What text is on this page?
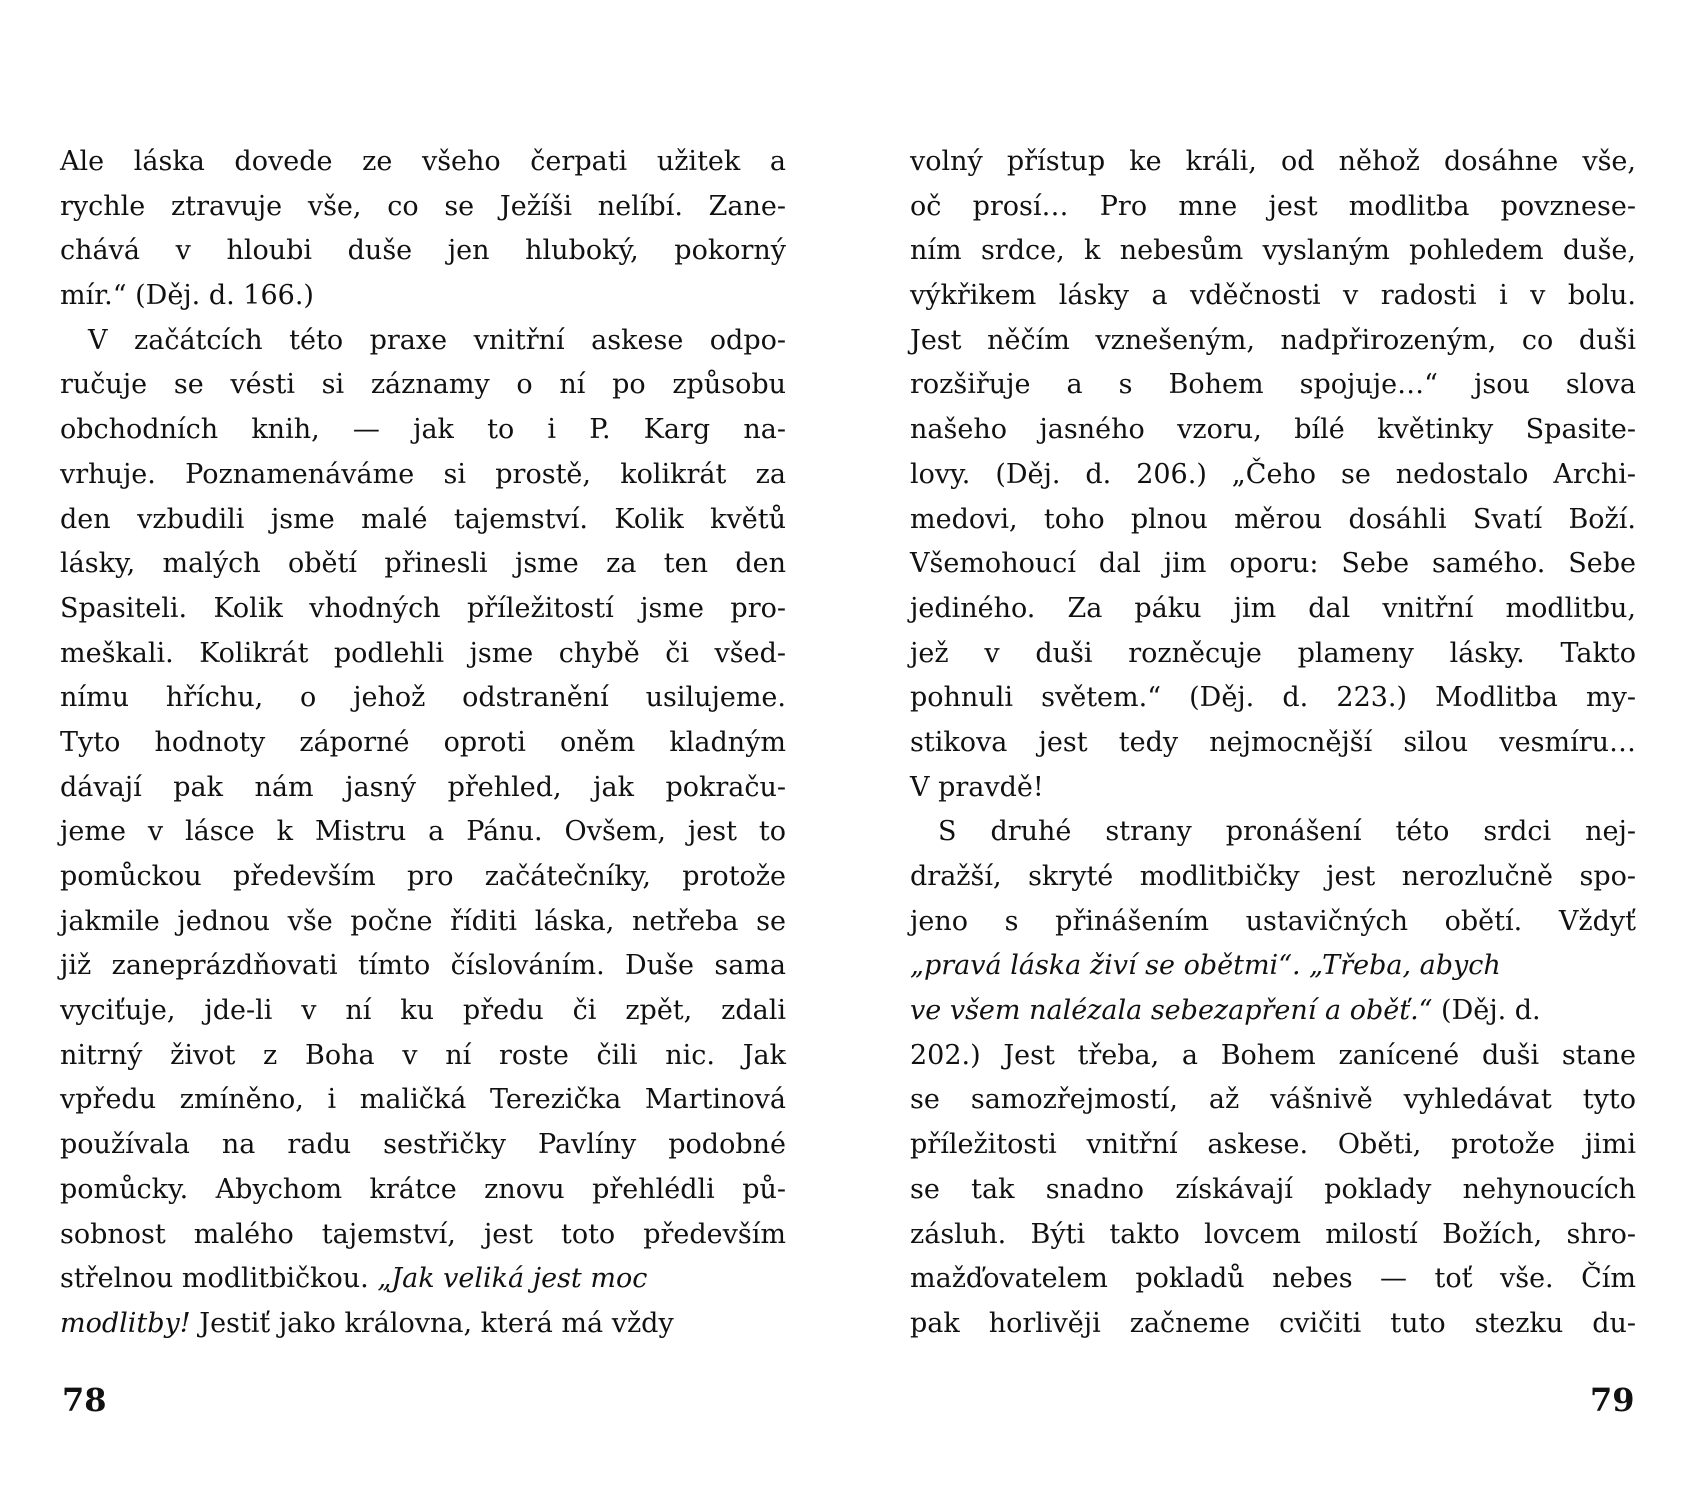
Ale láska dovede ze všeho čerpati užitek a
rychle ztravuje vše, co se Ježíši nelíbí. Zane-
chává v hloubi duše jen hluboký, pokorný
mír.“ (Děj. d. 166.)
V začátcích této praxe vnitřní askese odpo-
ručuje se vésti si záznamy o ní po způsobu
obchodních knih, — jak to i P. Karg na-
vrhuje. Poznamenáváme si prostě, kolikrát za
den vzbudili jsme malé tajemství. Kolik květů
lásky, malých obětí přinesli jsme za ten den
Spasiteli. Kolik vhodných příležitostí jsme pro-
meškali. Kolikrát podlehli jsme chybě či všed-
nímu hříchu, o jehož odstranění usilujeme.
Tyto hodnoty záporné oproti oněm kladným
dávají pak nám jasný přehled, jak pokraču-
jeme v lásce k Mistru a Pánu. Ovšem, jest to
pomůckou především pro začátečníky, protože
jakmile jednou vše počne říditi láska, netřeba se
již zaneprázdňovati tímto číslováním. Duše sama
vyciťuje, jde-li v ní ku předu či zpět, zdali
nitrný život z Boha v ní roste čili nic. Jak
vpředu zmíněno, i maličká Terezička Martinová
používala na radu sestřičky Pavlíny podobné
pomůcky. Abychom krátce znovu přehlédli pů-
sobnost malého tajemství, jest toto především
střelnou modlitbičkou. „Jak veliká jest moc
modlitby! Jestiť jako královna, která má vždy
78
volný přístup ke králi, od něhož dosáhne vše,
oč prosí… Pro mne jest modlitba povznese-
ním srdce, k nebesům vyslaným pohledem duše,
výkřikem lásky a vděčnosti v radosti i v bolu.
Jest něčím vznešeným, nadpřirozeným, co duši
rozšiřuje a s Bohem spojuje…“ jsou slova
našeho jasného vzoru, bílé květinky Spasite-
lovy. (Děj. d. 206.) „Čeho se nedostalo Archi-
medovi, toho plnou měrou dosáhli Svatí Boží.
Všemohoucí dal jim oporu: Sebe samého. Sebe
jediného. Za páku jim dal vnitřní modlitbu,
jež v duši rozněcuje plameny lásky. Takto
pohnuli světem.“ (Děj. d. 223.) Modlitba my-
stikova jest tedy nejmocnější silou vesmíru…
V pravdě!
S druhé strany pronášení této srdci nej-
dražší, skryté modlitbičky jest nerozlučně spo-
jeno s přinášením ustavičných obětí. Vždyť
„pravá láska živí se obětmi“. „Třeba, abych
ve všem nalézala sebezapření a oběť.“ (Děj. d.
202.) Jest třeba, a Bohem zanícené duši stane
se samozřejmostí, až vášnivě vyhledávat tyto
příležitosti vnitřní askese. Oběti, protože jimi
se tak snadno získávají poklady nehynoucích
zásluh. Býti takto lovcem milostí Božích, shro-
mažďovatelem pokladů nebes — toť vše. Čím
pak horlivěji začneme cvičiti tuto stezku du-
79
